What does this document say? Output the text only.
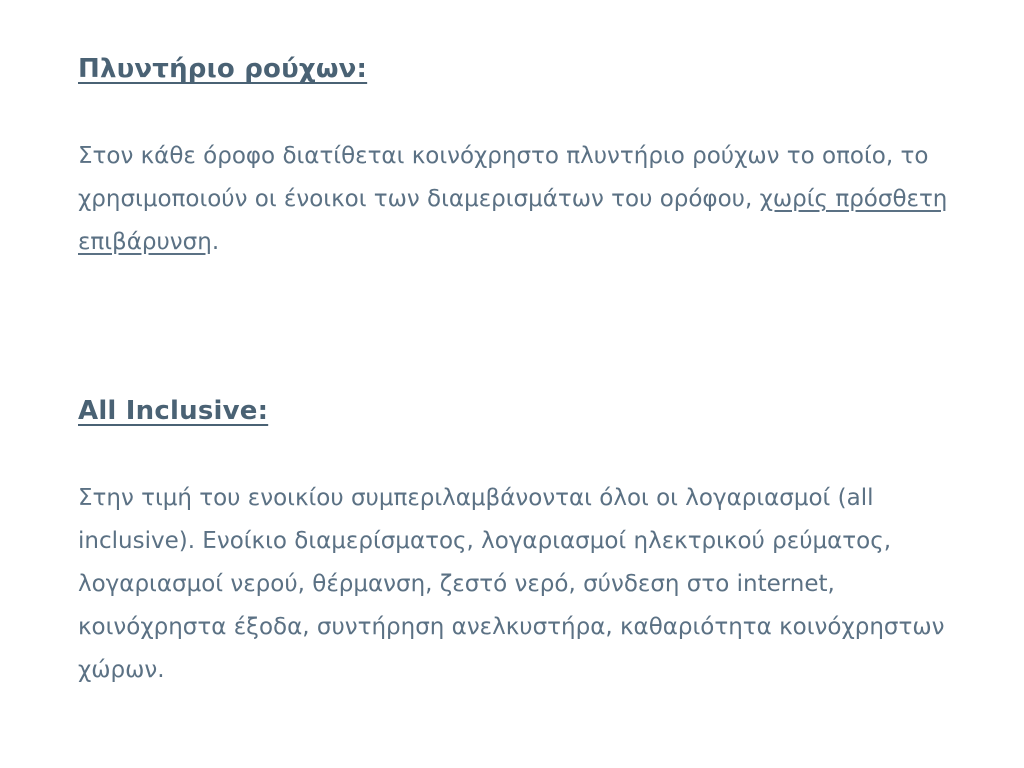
Πλυντήριο ρούχων:
Στον κάθε όροφο διατίθεται κοινόχρηστο πλυντήριο ρούχων το οποίο, το
χρησιμοποιούν οι ένοικοι των διαμερισμάτων του ορόφου, χωρίς πρόσθετη
επιβάρυνση.
All Inclusive:
Στην τιμή του ενοικίου συμπεριλαμβάνονται όλοι οι λογαριασμοί (all
inclusive). Ενοίκιο διαμερίσματος, λογαριασμοί ηλεκτρικού ρεύματος,
λογαριασμοί νερού, θέρμανση, ζεστό νερό, σύνδεση στο internet,
κοινόχρηστα έξοδα, συντήρηση ανελκυστήρα, καθαριότητα κοινόχρηστων
χώρων.
